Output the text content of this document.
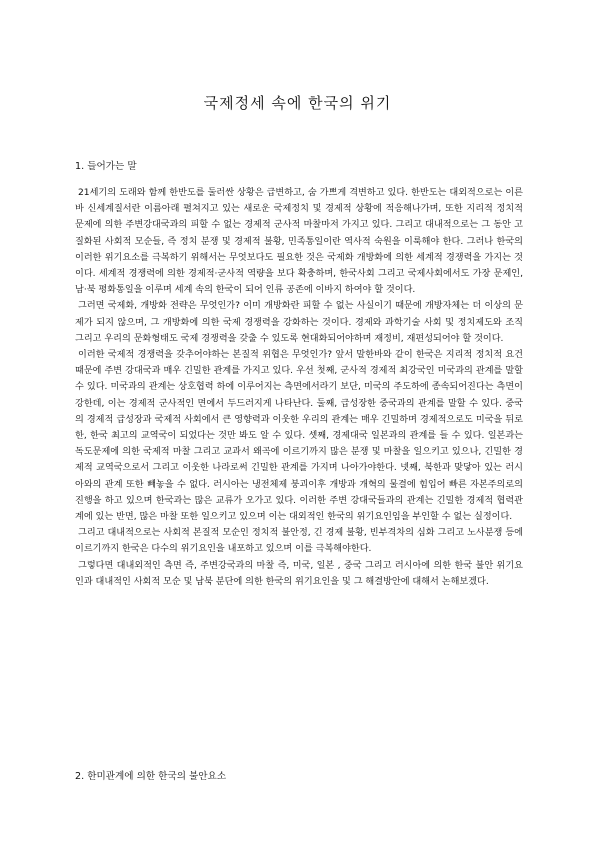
국제정세 속에 한국의 위기
1. 들어가는 말

21세기의 도래와 함께 한반도를 둘러싼 상황은 급변하고, 숨 가쁘게 격변하고 있다. 한반도는 대외적으로는 이른바 신세계질서란 이름아래 펼쳐지고 있는 새로운 국제정치 및 경제적 상황에 적응해나가며, 또한 지리적 정치적 문제에 의한 주변강대국과의 피할 수 없는 경제적 군사적 마찰마저 가지고 있다. 그리고 대내적으로는 그 동안 고질화된 사회적 모순들, 즉 정치 분쟁 및 경제적 불황, 민족통일이란 역사적 숙원을 이룩해야 한다. 그러나 한국의 이러한 위기요소를 극복하기 위해서는 무엇보다도 필요한 것은 국제화 개방화에 의한 세계적 경쟁력을 가지는 것이다. 세계적 경쟁력에 의한 경제적·군사적 역량을 보다 확충하며, 한국사회 그리고 국제사회에서도 가장 문제인, 남·북 평화통일을 이루며 세계 속의 한국이 되어 인류 공존에 이바지 하여야 할 것이다.

그러면 국제화, 개방화 전략은 무엇인가? 이미 개방화란 피할 수 없는 사실이기 때문에 개방자체는 더 이상의 문제가 되지 않으며, 그 개방화에 의한 국제 경쟁력을 강화하는 것이다. 경제와 과학기술 사회 및 정치제도와 조직 그리고 우리의 문화형태도 국제 경쟁력을 갖출 수 있도록 현대화되어야하며 재정비, 재편성되어야 할 것이다.

이러한 국제적 경쟁력을 갖추어야하는 본질적 위협은 무엇인가? 앞서 말한바와 같이 한국은 지리적 정치적 요건 때문에 주변 강대국과 매우 긴밀한 관계를 가지고 있다. 우선 첫째, 군사적 경제적 최강국인 미국과의 관계를 말할 수 있다. 미국과의 관계는 상호협력 하에 이루어지는 측면에서라기 보단, 미국의 주도하에 종속되어진다는 측면이 강한데, 이는 경제적 군사적인 면에서 두드러지게 나타난다. 둘째, 급성장한 중국과의 관계를 말할 수 있다. 중국의 경제적 급성장과 국제적 사회에서 큰 영향력과 이웃한 우리의 관계는 매우 긴밀하며 경제적으로도 미국을 뒤로한, 한국 최고의 교역국이 되었다는 것만 봐도 알 수 있다. 셋째, 경제대국 일본과의 관계를 들 수 있다. 일본과는 독도문제에 의한 국제적 마찰 그리고 교과서 왜곡에 이르기까지 많은 분쟁 및 마찰을 일으키고 있으나, 긴밀한 경제적 교역국으로서 그리고 이웃한 나라로써 긴밀한 관계를 가지며 나아가야한다. 넷째, 북한과 맞닿아 있는 러시아와의 관계 또한 빼놓을 수 없다. 러시아는 냉전체제 붕괴이후 개방과 개혁의 물결에 힘입어 빠른 자본주의로의 진행을 하고 있으며 한국과는 많은 교류가 오가고 있다. 이러한 주변 강대국들과의 관계는 긴밀한 경제적 협력관계에 있는 반면, 많은 마찰 또한 일으키고 있으며 이는 대외적인 한국의 위기요인임을 부인할 수 없는 실정이다.

그리고 대내적으로는 사회적 본질적 모순인 정치적 불안정, 긴 경제 불황, 빈부격차의 심화 그리고 노사분쟁 등에 이르기까지 한국은 다수의 위기요인을 내포하고 있으며 이를 극복해야한다.

그렇다면 대내외적인 측면 즉, 주변강국과의 마찰 즉, 미국, 일본 , 중국 그리고 러시아에 의한 한국 불안 위기요인과 대내적인 사회적 모순 및 남북 분단에 의한 한국의 위기요인을 및 그 해결방안에 대해서 논해보겠다.

2. 한미관계에 의한 한국의 불안요소
